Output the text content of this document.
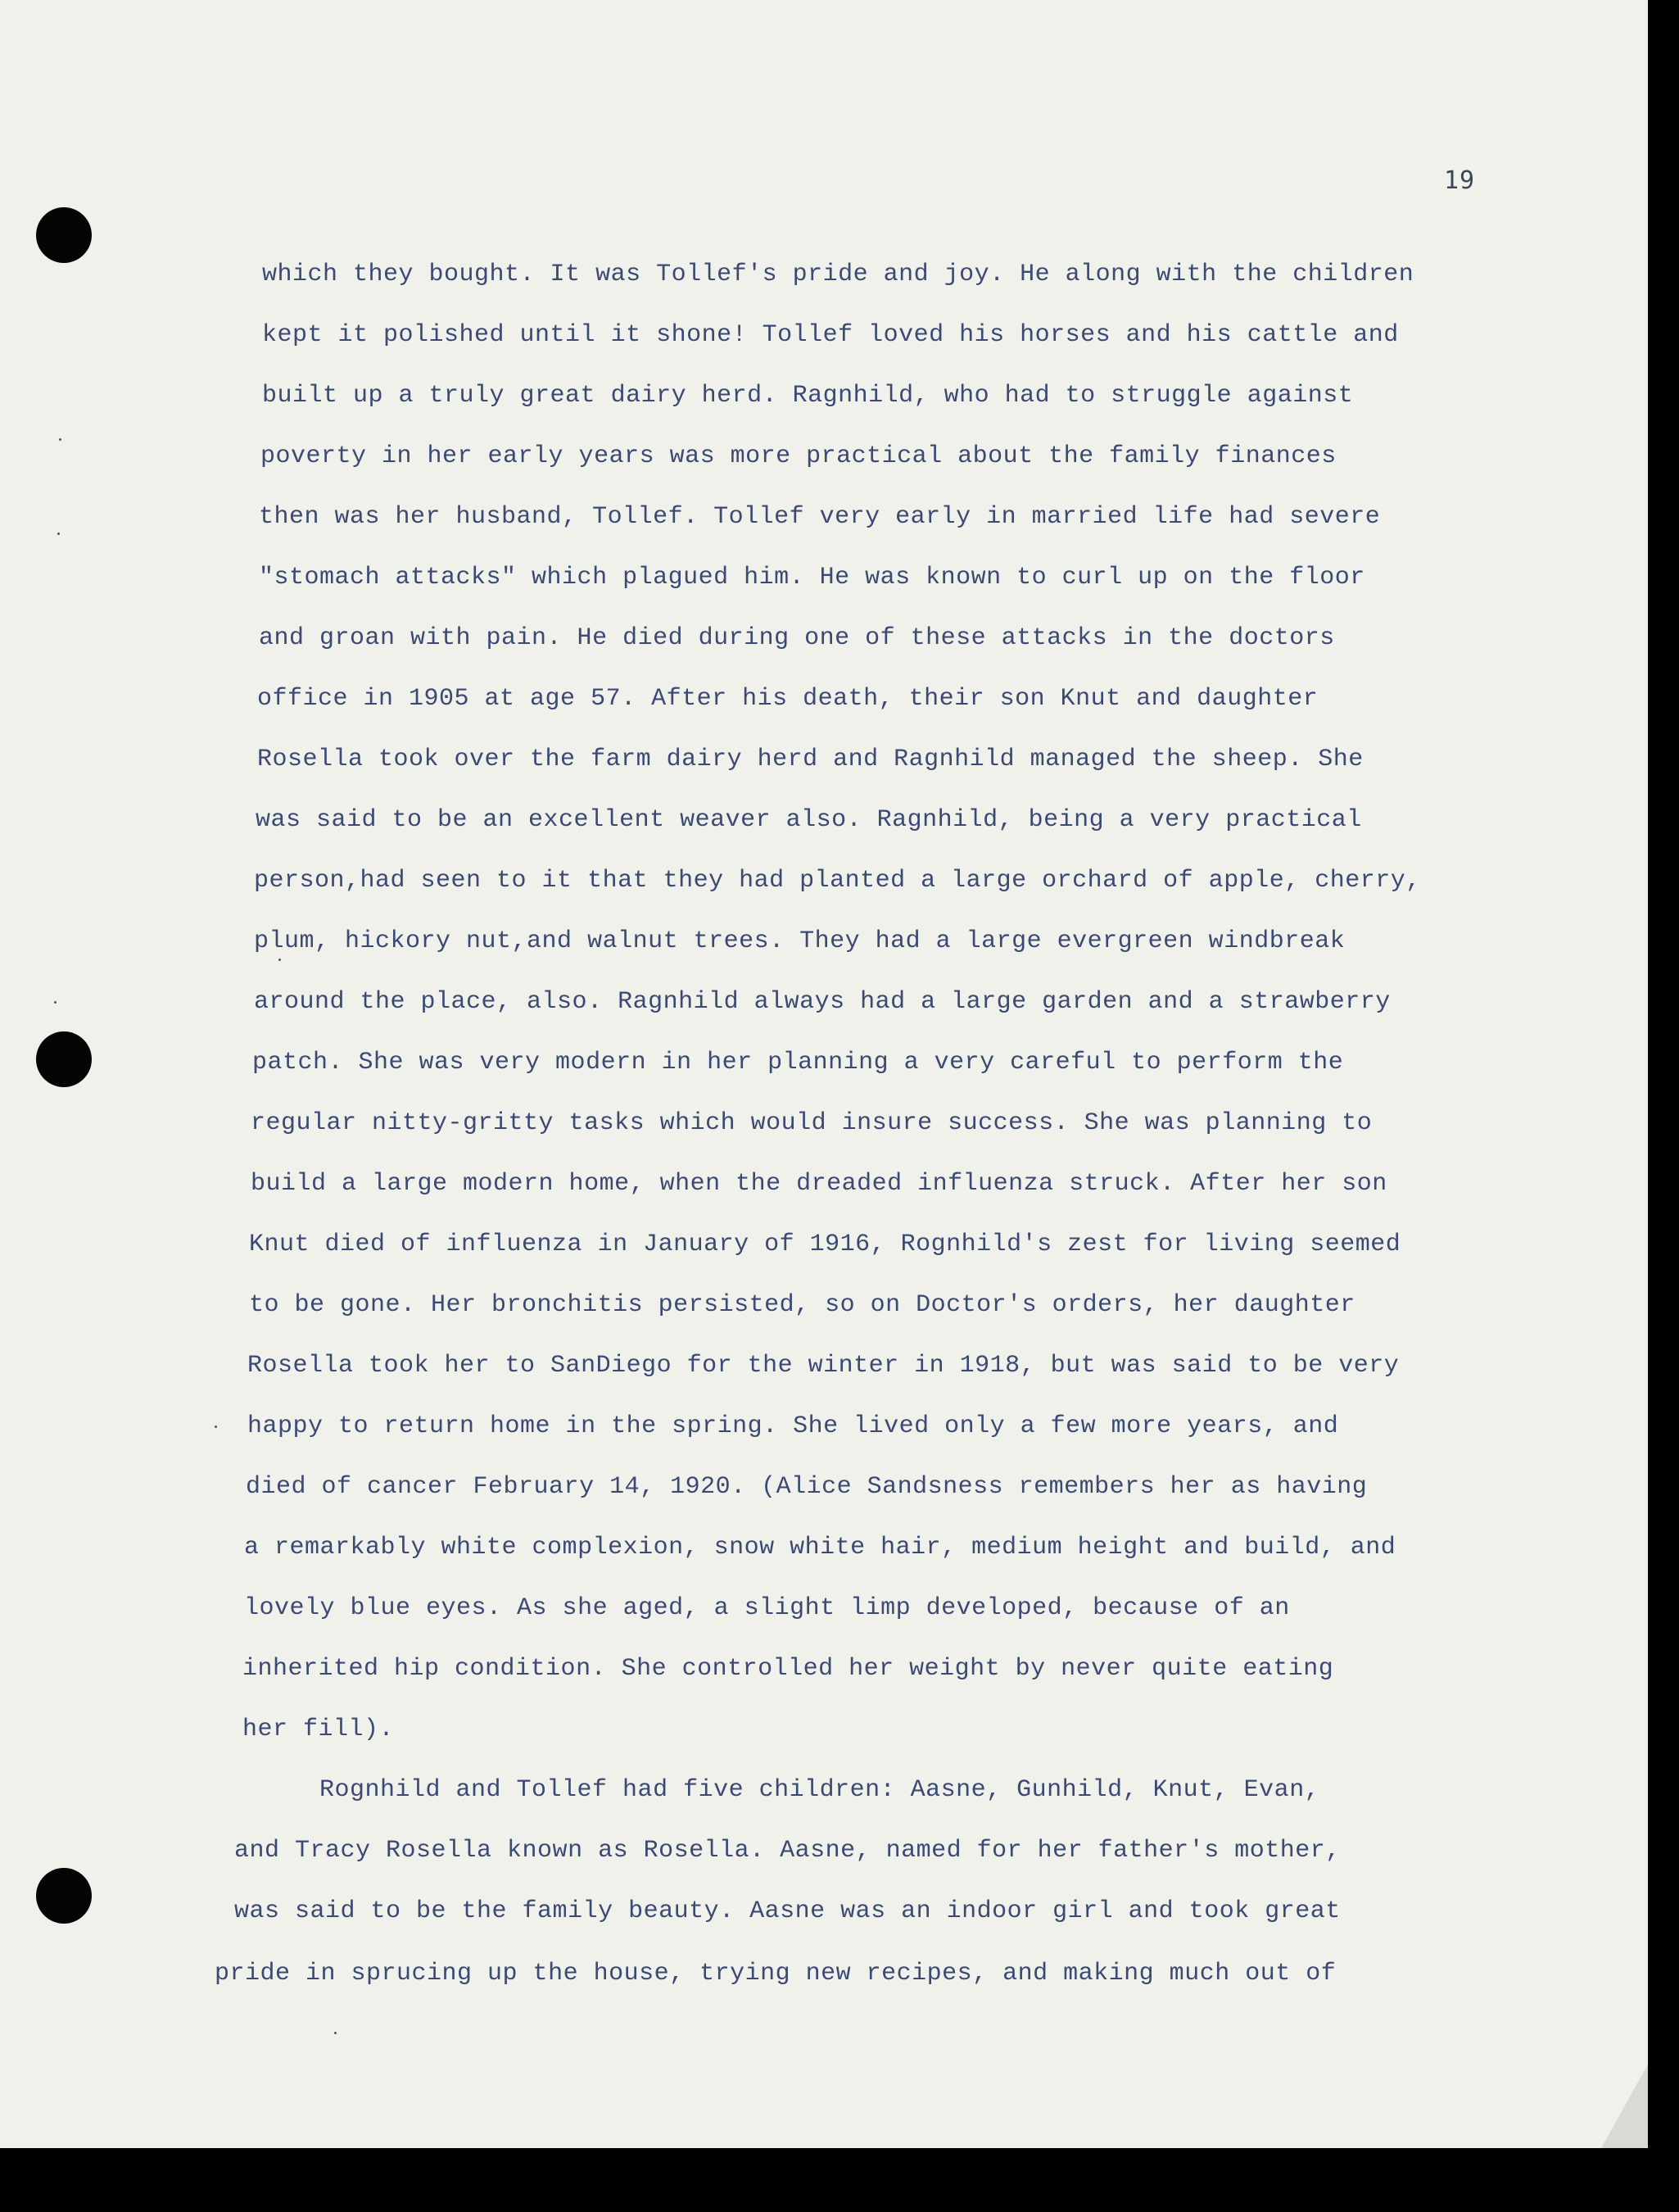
19
which they bought. It was Tollef's pride and joy. He along with the children
kept it polished until it shone! Tollef loved his horses and his cattle and
built up a truly great dairy herd. Ragnhild, who had to struggle against
poverty in her early years was more practical about the family finances
then was her husband, Tollef. Tollef very early in married life had severe
"stomach attacks" which plagued him. He was known to curl up on the floor
and groan with pain. He died during one of these attacks in the doctors
office in 1905 at age 57. After his death, their son Knut and daughter
Rosella took over the farm dairy herd and Ragnhild managed the sheep. She
was said to be an excellent weaver also. Ragnhild, being a very practical
person,had seen to it that they had planted a large orchard of apple, cherry,
plum, hickory nut,and walnut trees. They had a large evergreen windbreak
around the place, also. Ragnhild always had a large garden and a strawberry
patch. She was very modern in her planning a very careful to perform the
regular nitty-gritty tasks which would insure success. She was planning to
build a large modern home, when the dreaded influenza struck. After her son
Knut died of influenza in January of 1916, Rognhild's zest for living seemed
to be gone. Her bronchitis persisted, so on Doctor's orders, her daughter
Rosella took her to SanDiego for the winter in 1918, but was said to be very
happy to return home in the spring. She lived only a few more years, and
died of cancer February 14, 1920. (Alice Sandsness remembers her as having
a remarkably white complexion, snow white hair, medium height and build, and
lovely blue eyes. As she aged, a slight limp developed, because of an
inherited hip condition. She controlled her weight by never quite eating
her fill).
Rognhild and Tollef had five children: Aasne, Gunhild, Knut, Evan,
and Tracy Rosella known as Rosella. Aasne, named for her father's mother,
was said to be the family beauty. Aasne was an indoor girl and took great
pride in sprucing up the house, trying new recipes, and making much out of
